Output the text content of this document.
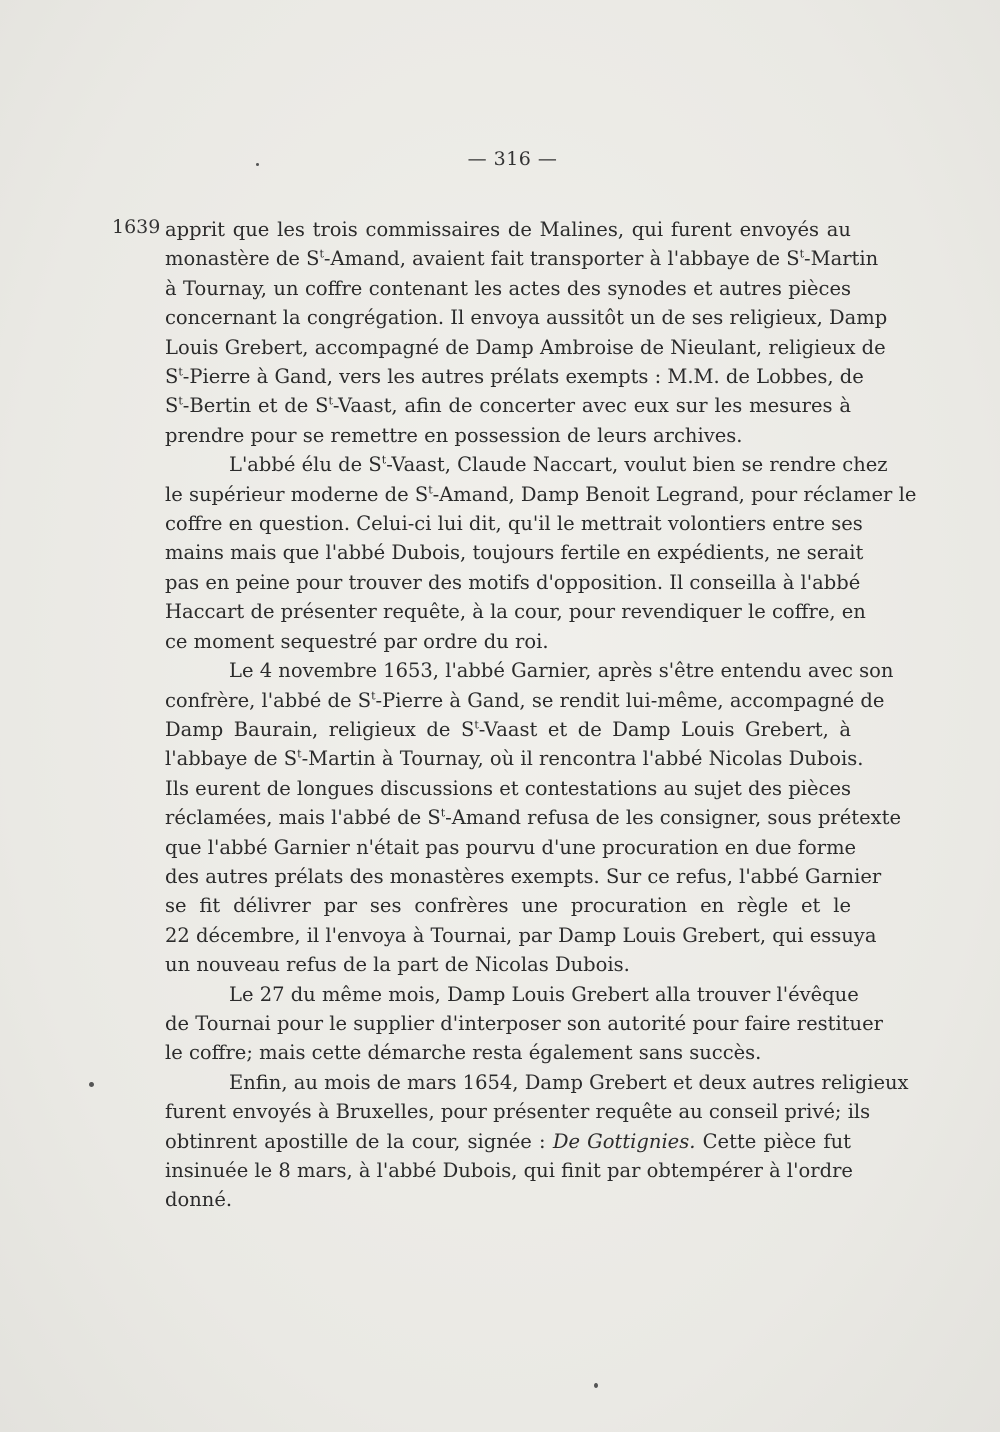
— 316 —
1639 apprit que les trois commissaires de Malines, qui furent envoyés au
monastère de $S^t$-Amand, avaient fait transporter à l'abbaye de $S^t$-Martin
à Tournay, un coffre contenant les actes des synodes et autres pièces
concernant la congrégation. Il envoya aussitôt un de ses religieux, Damp
Louis Grebert, accompagné de Damp Ambroise de Nieulant, religieux de
$S^t$-Pierre à Gand, vers les autres prélats exempts : M.M. de Lobbes, de
$S^t$-Bertin et de $S^t$-Vaast, afin de concerter avec eux sur les mesures à
prendre pour se remettre en possession de leurs archives.
L'abbé élu de $S^t$-Vaast, Claude Naccart, voulut bien se rendre chez
le supérieur moderne de $S^t$-Amand, Damp Benoit Legrand, pour réclamer le
coffre en question. Celui-ci lui dit, qu'il le mettrait volontiers entre ses
mains mais que l'abbé Dubois, toujours fertile en expédients, ne serait
pas en peine pour trouver des motifs d'opposition. Il conseilla à l'abbé
Haccart de présenter requête, à la cour, pour revendiquer le coffre, en
ce moment sequestré par ordre du roi.
Le 4 novembre 1653, l'abbé Garnier, après s'être entendu avec son
confrère, l'abbé de $S^t$-Pierre à Gand, se rendit lui-même, accompagné de
Damp Baurain, religieux de $S^t$-Vaast et de Damp Louis Grebert, à
l'abbaye de $S^t$-Martin à Tournay, où il rencontra l'abbé Nicolas Dubois.
Ils eurent de longues discussions et contestations au sujet des pièces
réclamées, mais l'abbé de $S^t$-Amand refusa de les consigner, sous prétexte
que l'abbé Garnier n'était pas pourvu d'une procuration en due forme
des autres prélats des monastères exempts. Sur ce refus, l'abbé Garnier
se fit délivrer par ses confrères une procuration en règle et le
22 décembre, il l'envoya à Tournai, par Damp Louis Grebert, qui essuya
un nouveau refus de la part de Nicolas Dubois.
Le 27 du même mois, Damp Louis Grebert alla trouver l'évêque
de Tournai pour le supplier d'interposer son autorité pour faire restituer
le coffre; mais cette démarche resta également sans succès.
Enfin, au mois de mars 1654, Damp Grebert et deux autres religieux
furent envoyés à Bruxelles, pour présenter requête au conseil privé; ils
obtinrent apostille de la cour, signée : De Gottignies. Cette pièce fut
insinuée le 8 mars, à l'abbé Dubois, qui finit par obtempérer à l'ordre
donné.
